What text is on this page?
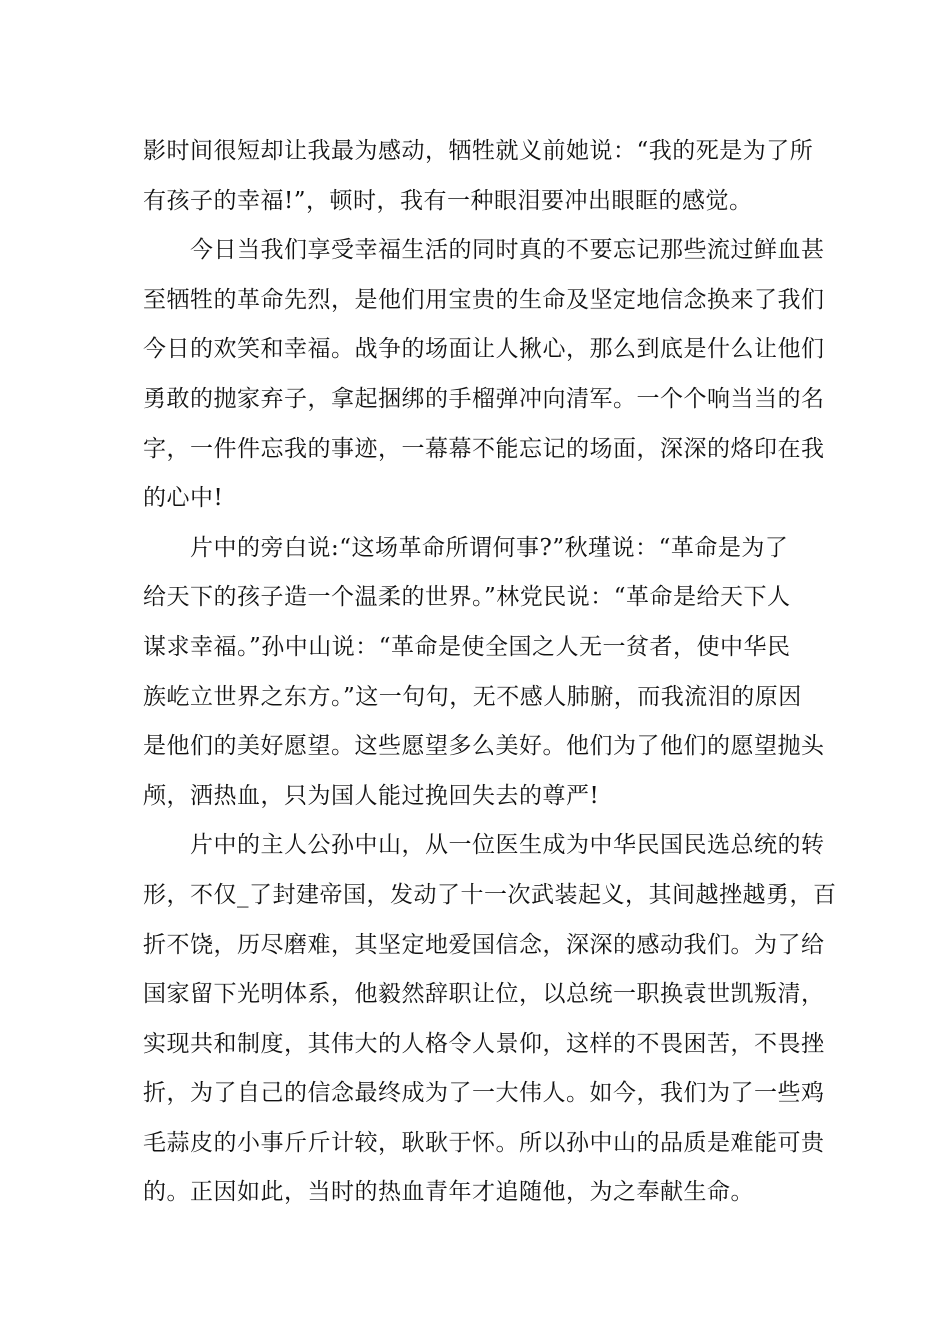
影时间很短却让我最为感动，牺牲就义前她说：“我的死是为了所
有孩子的幸福!”，顿时，我有一种眼泪要冲出眼眶的感觉。
今日当我们享受幸福生活的同时真的不要忘记那些流过鲜血甚
至牺牲的革命先烈，是他们用宝贵的生命及坚定地信念换来了我们
今日的欢笑和幸福。战争的场面让人揪心，那么到底是什么让他们
勇敢的抛家弃子，拿起捆绑的手榴弹冲向清军。一个个响当当的名
字，一件件忘我的事迹，一幕幕不能忘记的场面，深深的烙印在我
的心中!
片中的旁白说:“这场革命所谓何事?”秋瑾说：“革命是为了
给天下的孩子造一个温柔的世界。”林党民说：“革命是给天下人
谋求幸福。”孙中山说：“革命是使全国之人无一贫者，使中华民
族屹立世界之东方。”这一句句，无不感人肺腑，而我流泪的原因
是他们的美好愿望。这些愿望多么美好。他们为了他们的愿望抛头
颅，洒热血，只为国人能过挽回失去的尊严!
片中的主人公孙中山，从一位医生成为中华民国民选总统的转
形，不仅_了封建帝国，发动了十一次武装起义，其间越挫越勇，百
折不饶，历尽磨难，其坚定地爱国信念，深深的感动我们。为了给
国家留下光明体系，他毅然辞职让位，以总统一职换袁世凯叛清，
实现共和制度，其伟大的人格令人景仰，这样的不畏困苦，不畏挫
折，为了自己的信念最终成为了一大伟人。如今，我们为了一些鸡
毛蒜皮的小事斤斤计较，耿耿于怀。所以孙中山的品质是难能可贵
的。正因如此，当时的热血青年才追随他，为之奉献生命。
